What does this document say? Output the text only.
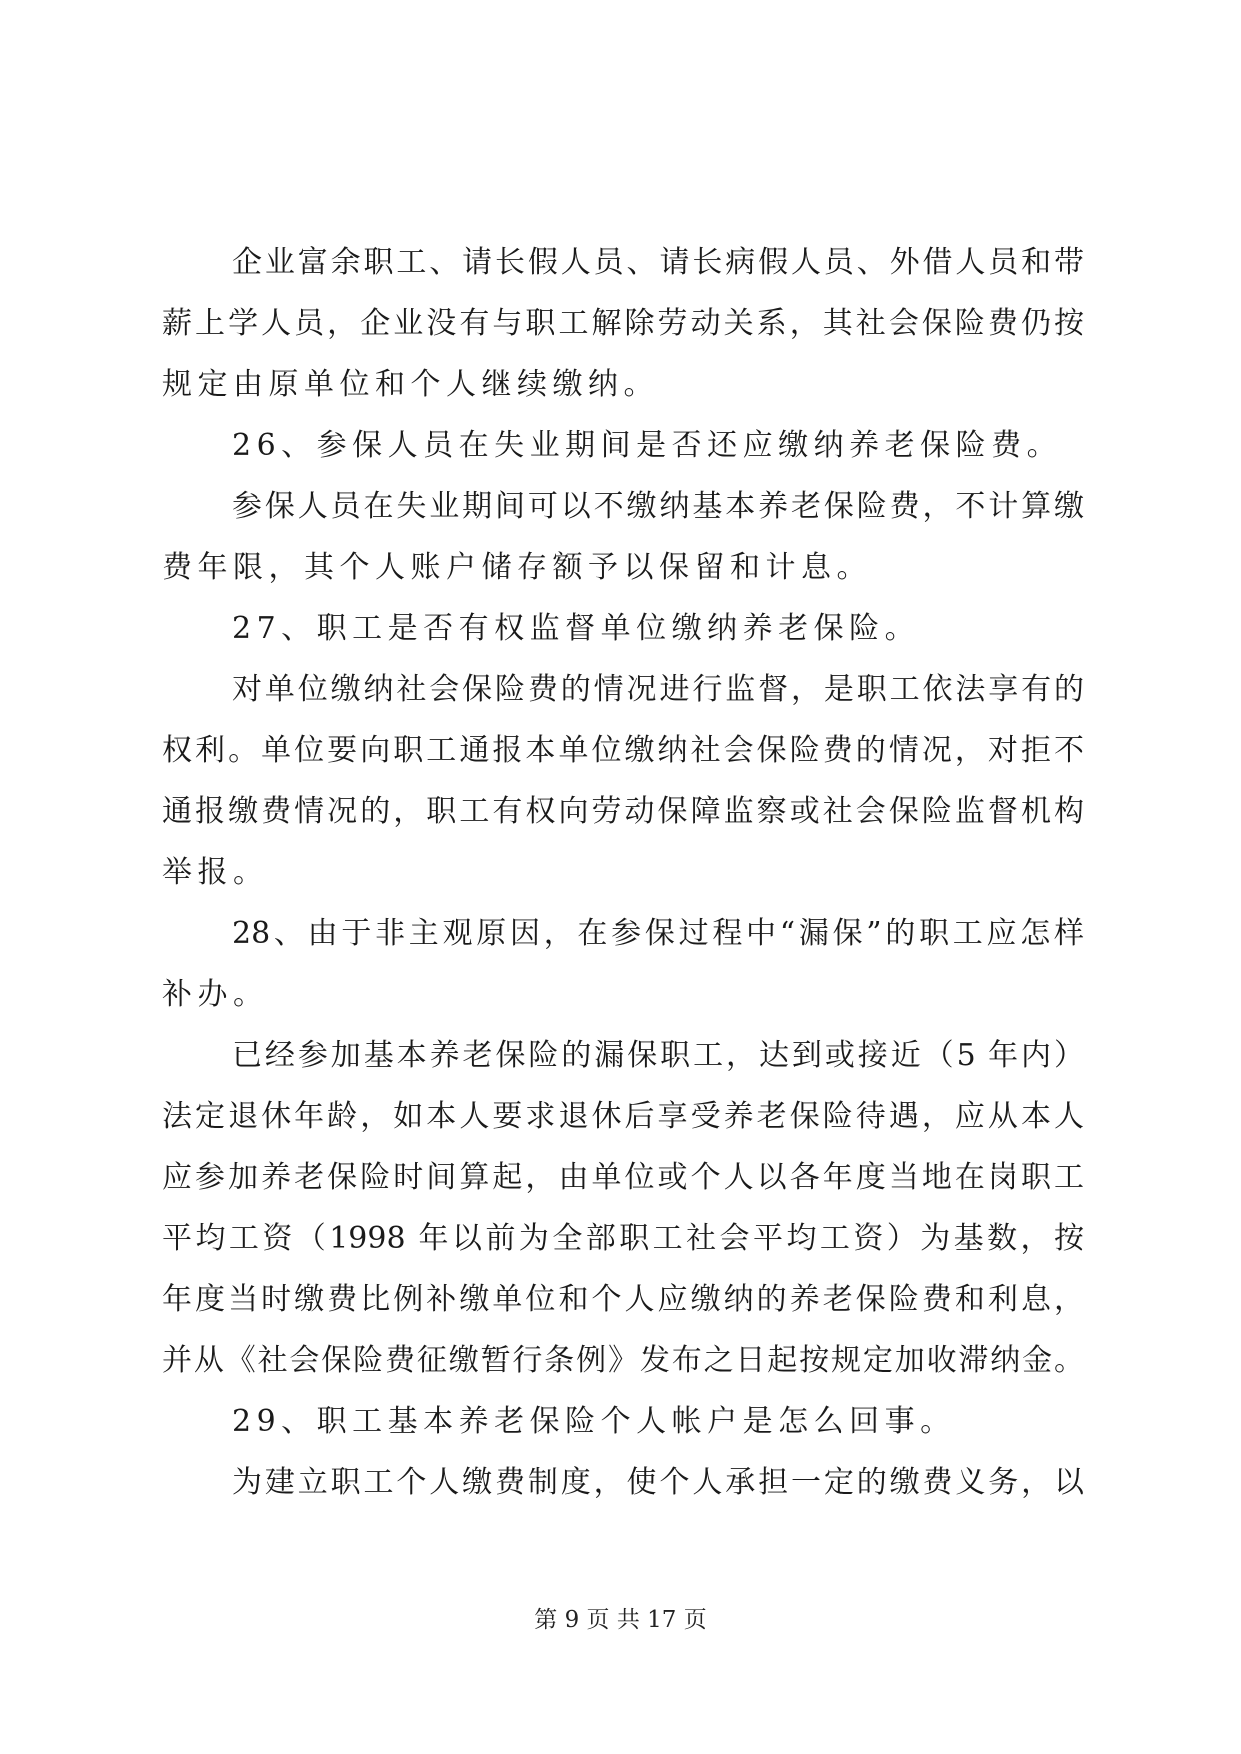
企业富余职工、请长假人员、请长病假人员、外借人员和带
薪上学人员，企业没有与职工解除劳动关系，其社会保险费仍按
规定由原单位和个人继续缴纳。
26、参保人员在失业期间是否还应缴纳养老保险费。
参保人员在失业期间可以不缴纳基本养老保险费，不计算缴
费年限，其个人账户储存额予以保留和计息。
27、职工是否有权监督单位缴纳养老保险。
对单位缴纳社会保险费的情况进行监督，是职工依法享有的
权利。单位要向职工通报本单位缴纳社会保险费的情况，对拒不
通报缴费情况的，职工有权向劳动保障监察或社会保险监督机构
举报。
28、由于非主观原因，在参保过程中“漏保”的职工应怎样
补办。
已经参加基本养老保险的漏保职工，达到或接近（5 年内）
法定退休年龄，如本人要求退休后享受养老保险待遇，应从本人
应参加养老保险时间算起，由单位或个人以各年度当地在岗职工
平均工资（1998 年以前为全部职工社会平均工资）为基数，按
年度当时缴费比例补缴单位和个人应缴纳的养老保险费和利息，
并从《社会保险费征缴暂行条例》发布之日起按规定加收滞纳金。
29、职工基本养老保险个人帐户是怎么回事。
为建立职工个人缴费制度，使个人承担一定的缴费义务，以
第 9 页 共 17 页
